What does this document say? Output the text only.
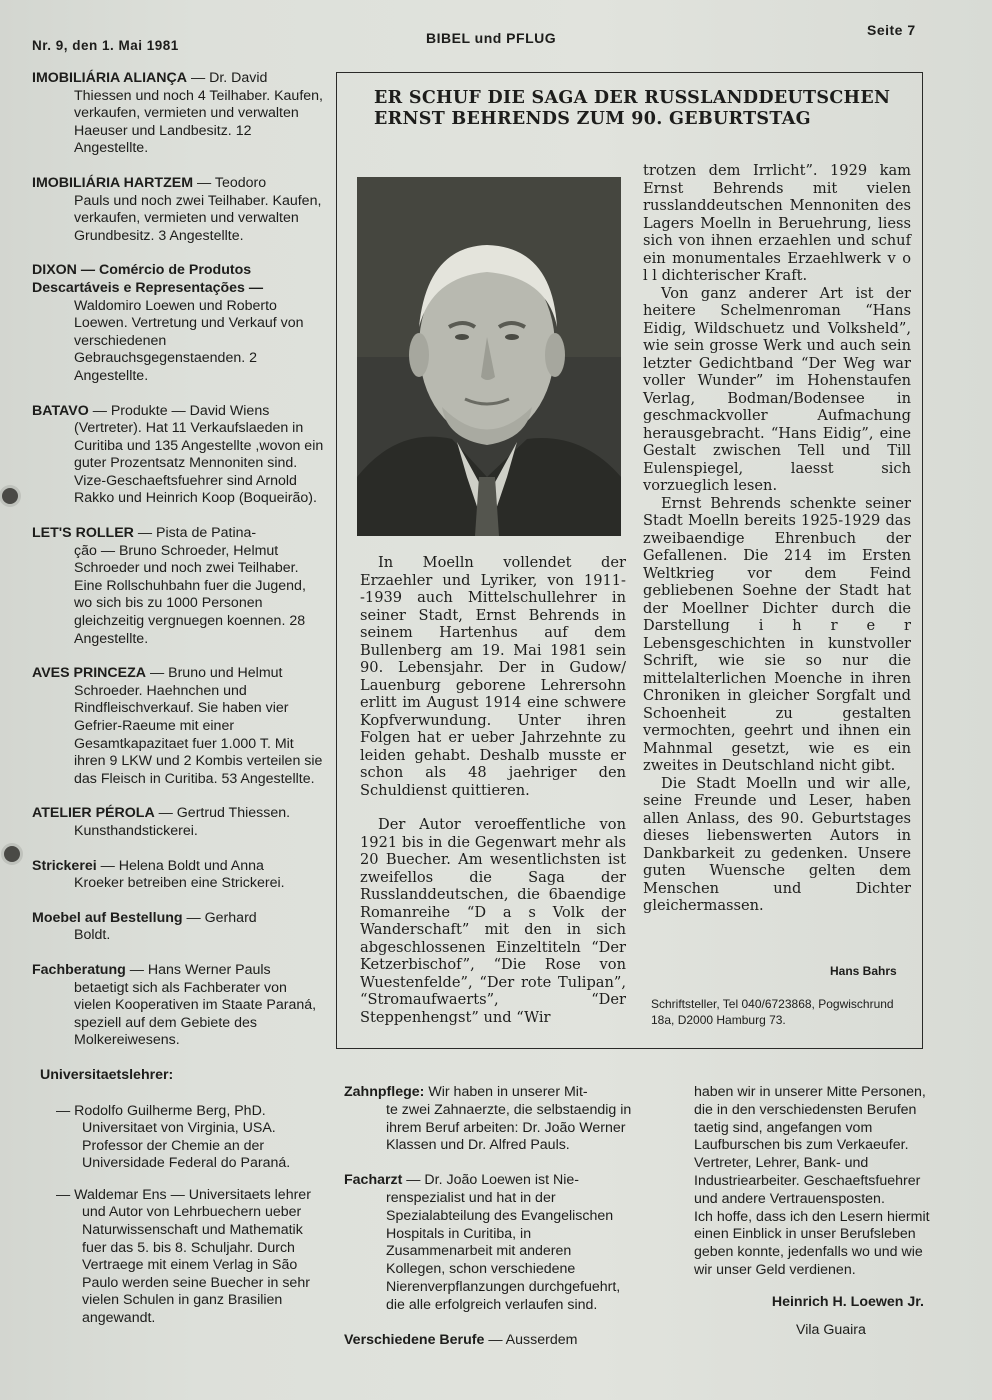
Nr. 9, den 1. Mai 1981	BIBEL und PFLUG	Seite 7
IMOBILIÁRIA ALIANÇA — Dr. David
Thiessen und noch 4 Teilhaber. Kaufen, verkaufen, vermieten und verwalten Haeuser und Landbesitz. 12 Angestellte.
IMOBILIÁRIA HARTZEM — Teodoro
Pauls und noch zwei Teilhaber. Kaufen, verkaufen, vermieten und verwalten Grundbesitz. 3 Angestellte.
DIXON — Comércio de Produtos Descartáveis e Representações —
Waldomiro Loewen und Roberto Loewen. Vertretung und Verkauf von verschiedenen Gebrauchsgegenstaenden. 2 Angestellte.
BATAVO — Produkte — David Wiens
(Vertreter). Hat 11 Verkaufslaeden in Curitiba und 135 Angestellte ,wovon ein guter Prozentsatz Mennoniten sind. Vize-Geschaeftsfuehrer sind Arnold Rakko und Heinrich Koop (Boqueirão).
LET'S ROLLER — Pista de Patina-
ção — Bruno Schroeder, Helmut Schroeder und noch zwei Teilhaber. Eine Rollschuhbahn fuer die Jugend, wo sich bis zu 1000 Personen gleichzeitig vergnuegen koennen. 28 Angestellte.
AVES PRINCEZA — Bruno und Helmut
Schroeder. Haehnchen und Rindfleischverkauf. Sie haben vier Gefrier-Raeume mit einer Gesamtkapazitaet fuer 1.000 T. Mit ihren 9 LKW und 2 Kombis verteilen sie das Fleisch in Curitiba. 53 Angestellte.
ATELIER PÉROLA — Gertrud Thiessen.
Kunsthandstickerei.
Strickerei — Helena Boldt und Anna
Kroeker betreiben eine Strickerei.
Moebel auf Bestellung — Gerhard
Boldt.
Fachberatung — Hans Werner Pauls
betaetigt sich als Fachberater von vielen Kooperativen im Staate Paraná, speziell auf dem Gebiete des Molkereiwesens.
Universitaetslehrer:
— Rodolfo Guilherme Berg, PhD. Universitaet von Virginia, USA. Professor der Chemie an der Universidade Federal do Paraná.
— Waldemar Ens — Universitaets lehrer und Autor von Lehrbuechern ueber Naturwissenschaft und Mathematik fuer das 5. bis 8. Schuljahr. Durch Vertraege mit einem Verlag in São Paulo werden seine Buecher in sehr vielen Schulen in ganz Brasilien angewandt.
ER SCHUF DIE SAGA DER RUSSLANDDEUTSCHEN
ERNST BEHRENDS ZUM 90. GEBURTSTAG

In Moelln vollendet der Erzaehler und Lyriker, von 1911--1939 auch Mittelschullehrer in seiner Stadt, Ernst Behrends in seinem Hartenhus auf dem Bullenberg am 19. Mai 1981 sein 90. Lebensjahr. Der in Gudow/ Lauenburg geborene Lehrersohn erlitt im August 1914 eine schwere Kopfverwundung. Unter ihren Folgen hat er ueber Jahrzehnte zu leiden gehabt. Deshalb musste er schon als 48 jaehriger den Schuldienst quittieren.

Der Autor veroeffentliche von 1921 bis in die Gegenwart mehr als 20 Buecher. Am wesentlichsten ist zweifellos die Saga der Russlanddeutschen, die 6baendige Romanreihe “D a s Volk der Wanderschaft” mit den in sich abgeschlossenen Einzeltiteln “Der Ketzerbischof”, “Die Rose von Wuestenfelde”, “Der rote Tulipan”, “Stromaufwaerts”, “Der Steppenhengst” und “Wir

trotzen dem Irrlicht”. 1929 kam Ernst Behrends mit vielen russlanddeutschen Mennoniten des Lagers Moelln in Beruehrung, liess sich von ihnen erzaehlen und schuf ein monumentales Erzaehlwerk v o l l dichterischer Kraft.

Von ganz anderer Art ist der heitere Schelmenroman “Hans Eidig, Wildschuetz und Volksheld”, wie sein grosse Werk und auch sein letzter Gedichtband “Der Weg war voller Wunder” im Hohenstaufen Verlag, Bodman/Bodensee in geschmackvoller Aufmachung herausgebracht. “Hans Eidig”, eine Gestalt zwischen Tell und Till Eulenspiegel, laesst sich vorzueglich lesen.

Ernst Behrends schenkte seiner Stadt Moelln bereits 1925-1929 das zweibaendige Ehrenbuch der Gefallenen. Die 214 im Ersten Weltkrieg vor dem Feind gebliebenen Soehne der Stadt hat der Moellner Dichter durch die Darstellung i h r e r Lebensgeschichten in kunstvoller Schrift, wie sie so nur die mittelalterlichen Moenche in ihren Chroniken in gleicher Sorgfalt und Schoenheit zu gestalten vermochten, geehrt und ihnen ein Mahnmal gesetzt, wie es ein zweites in Deutschland nicht gibt.

Die Stadt Moelln und wir alle, seine Freunde und Leser, haben allen Anlass, des 90. Geburtstages dieses liebenswerten Autors in Dankbarkeit zu gedenken. Unsere guten Wuensche gelten dem Menschen und Dichter gleichermassen.

Hans Bahrs
Schriftsteller, Tel 040/6723868, Pogwischrund 18a, D2000 Hamburg 73.
Zahnpflege: Wir haben in unserer Mit-
te zwei Zahnaerzte, die selbstaendig in ihrem Beruf arbeiten: Dr. João Werner Klassen und Dr. Alfred Pauls.
Facharzt — Dr. João Loewen ist Nie-
renspezialist und hat in der Spezialabteilung des Evangelischen Hospitals in Curitiba, in Zusammenarbeit mit anderen Kollegen, schon verschiedene Nierenverpflanzungen durchgefuehrt, die alle erfolgreich verlaufen sind.
Verschiedene Berufe — Ausserdem
haben wir in unserer Mitte Personen, die in den verschiedensten Berufen taetig sind, angefangen vom Laufburschen bis zum Verkaeufer. Vertreter, Lehrer, Bank- und Industriearbeiter. Geschaeftsfuehrer und andere Vertrauensposten.
Ich hoffe, dass ich den Lesern hiermit einen Einblick in unser Berufsleben geben konnte, jedenfalls wo und wie wir unser Geld verdienen.
Heinrich H. Loewen Jr.
Vila Guaira
